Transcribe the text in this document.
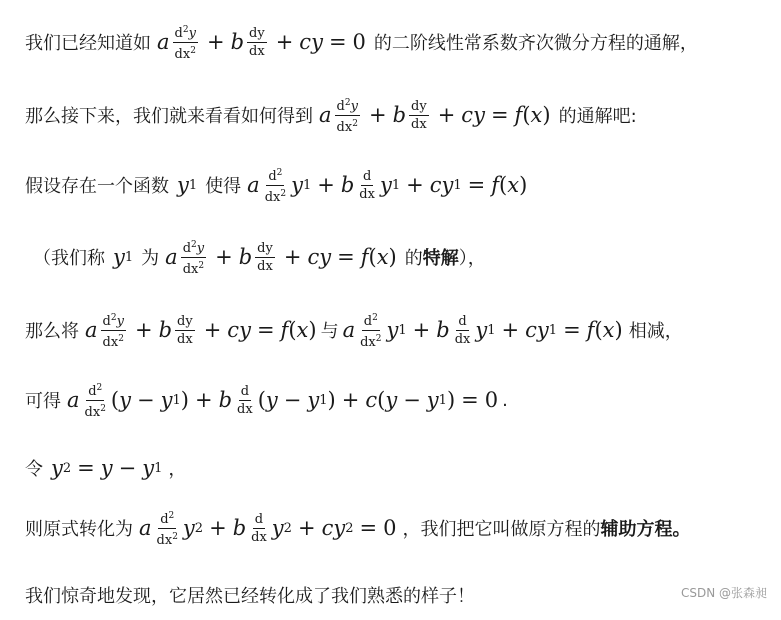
我们已经知道如 a $\frac{d^2y}{dx^2} + b \frac{dy}{dx} + c$ y = 0 的二阶线性常系数齐次微分方程的通解，
那么接下来，我们就来看看如何得到 a $\frac{d^2y}{dx^2} + b \frac{dy}{dx} + c$ y = f ( x ) 的通解吧:
假设存在一个函数 y 1 使得 a $\frac{d^2}{dx^2}$ y 1 + b $\frac{d}{dx}$ y 1 + c y 1 = f ( x )
（我们称 y 1 为 a $\frac{d^2y}{dx^2} + b \frac{dy}{dx} + c$ y = f ( x ) 的 特解 ），
那么将 a $\frac{d^2y}{dx^2} + b \frac{dy}{dx} + c$ y = f ( x ) 与 a $\frac{d^2}{dx^2}$ y 1 + b $\frac{d}{dx}$ y 1 + c y 1 = f ( x ) 相减，
可得 a $\frac{d^2}{dx^2}$ ( y − y 1 ) + b $\frac{d}{dx}$ ( y − y 1 ) + c ( y − y 1 ) = 0 .
令 y 2 = y − y 1 ，
则原式转化为 a $\frac{d^2}{dx^2}$ y 2 + b $\frac{d}{dx}$ y 2 + c y 2 = 0 ，我们把它叫做原方程的 辅助方程。
我们惊奇地发现，它居然已经转化成了我们熟悉的样子！	CSDN @张森昶
